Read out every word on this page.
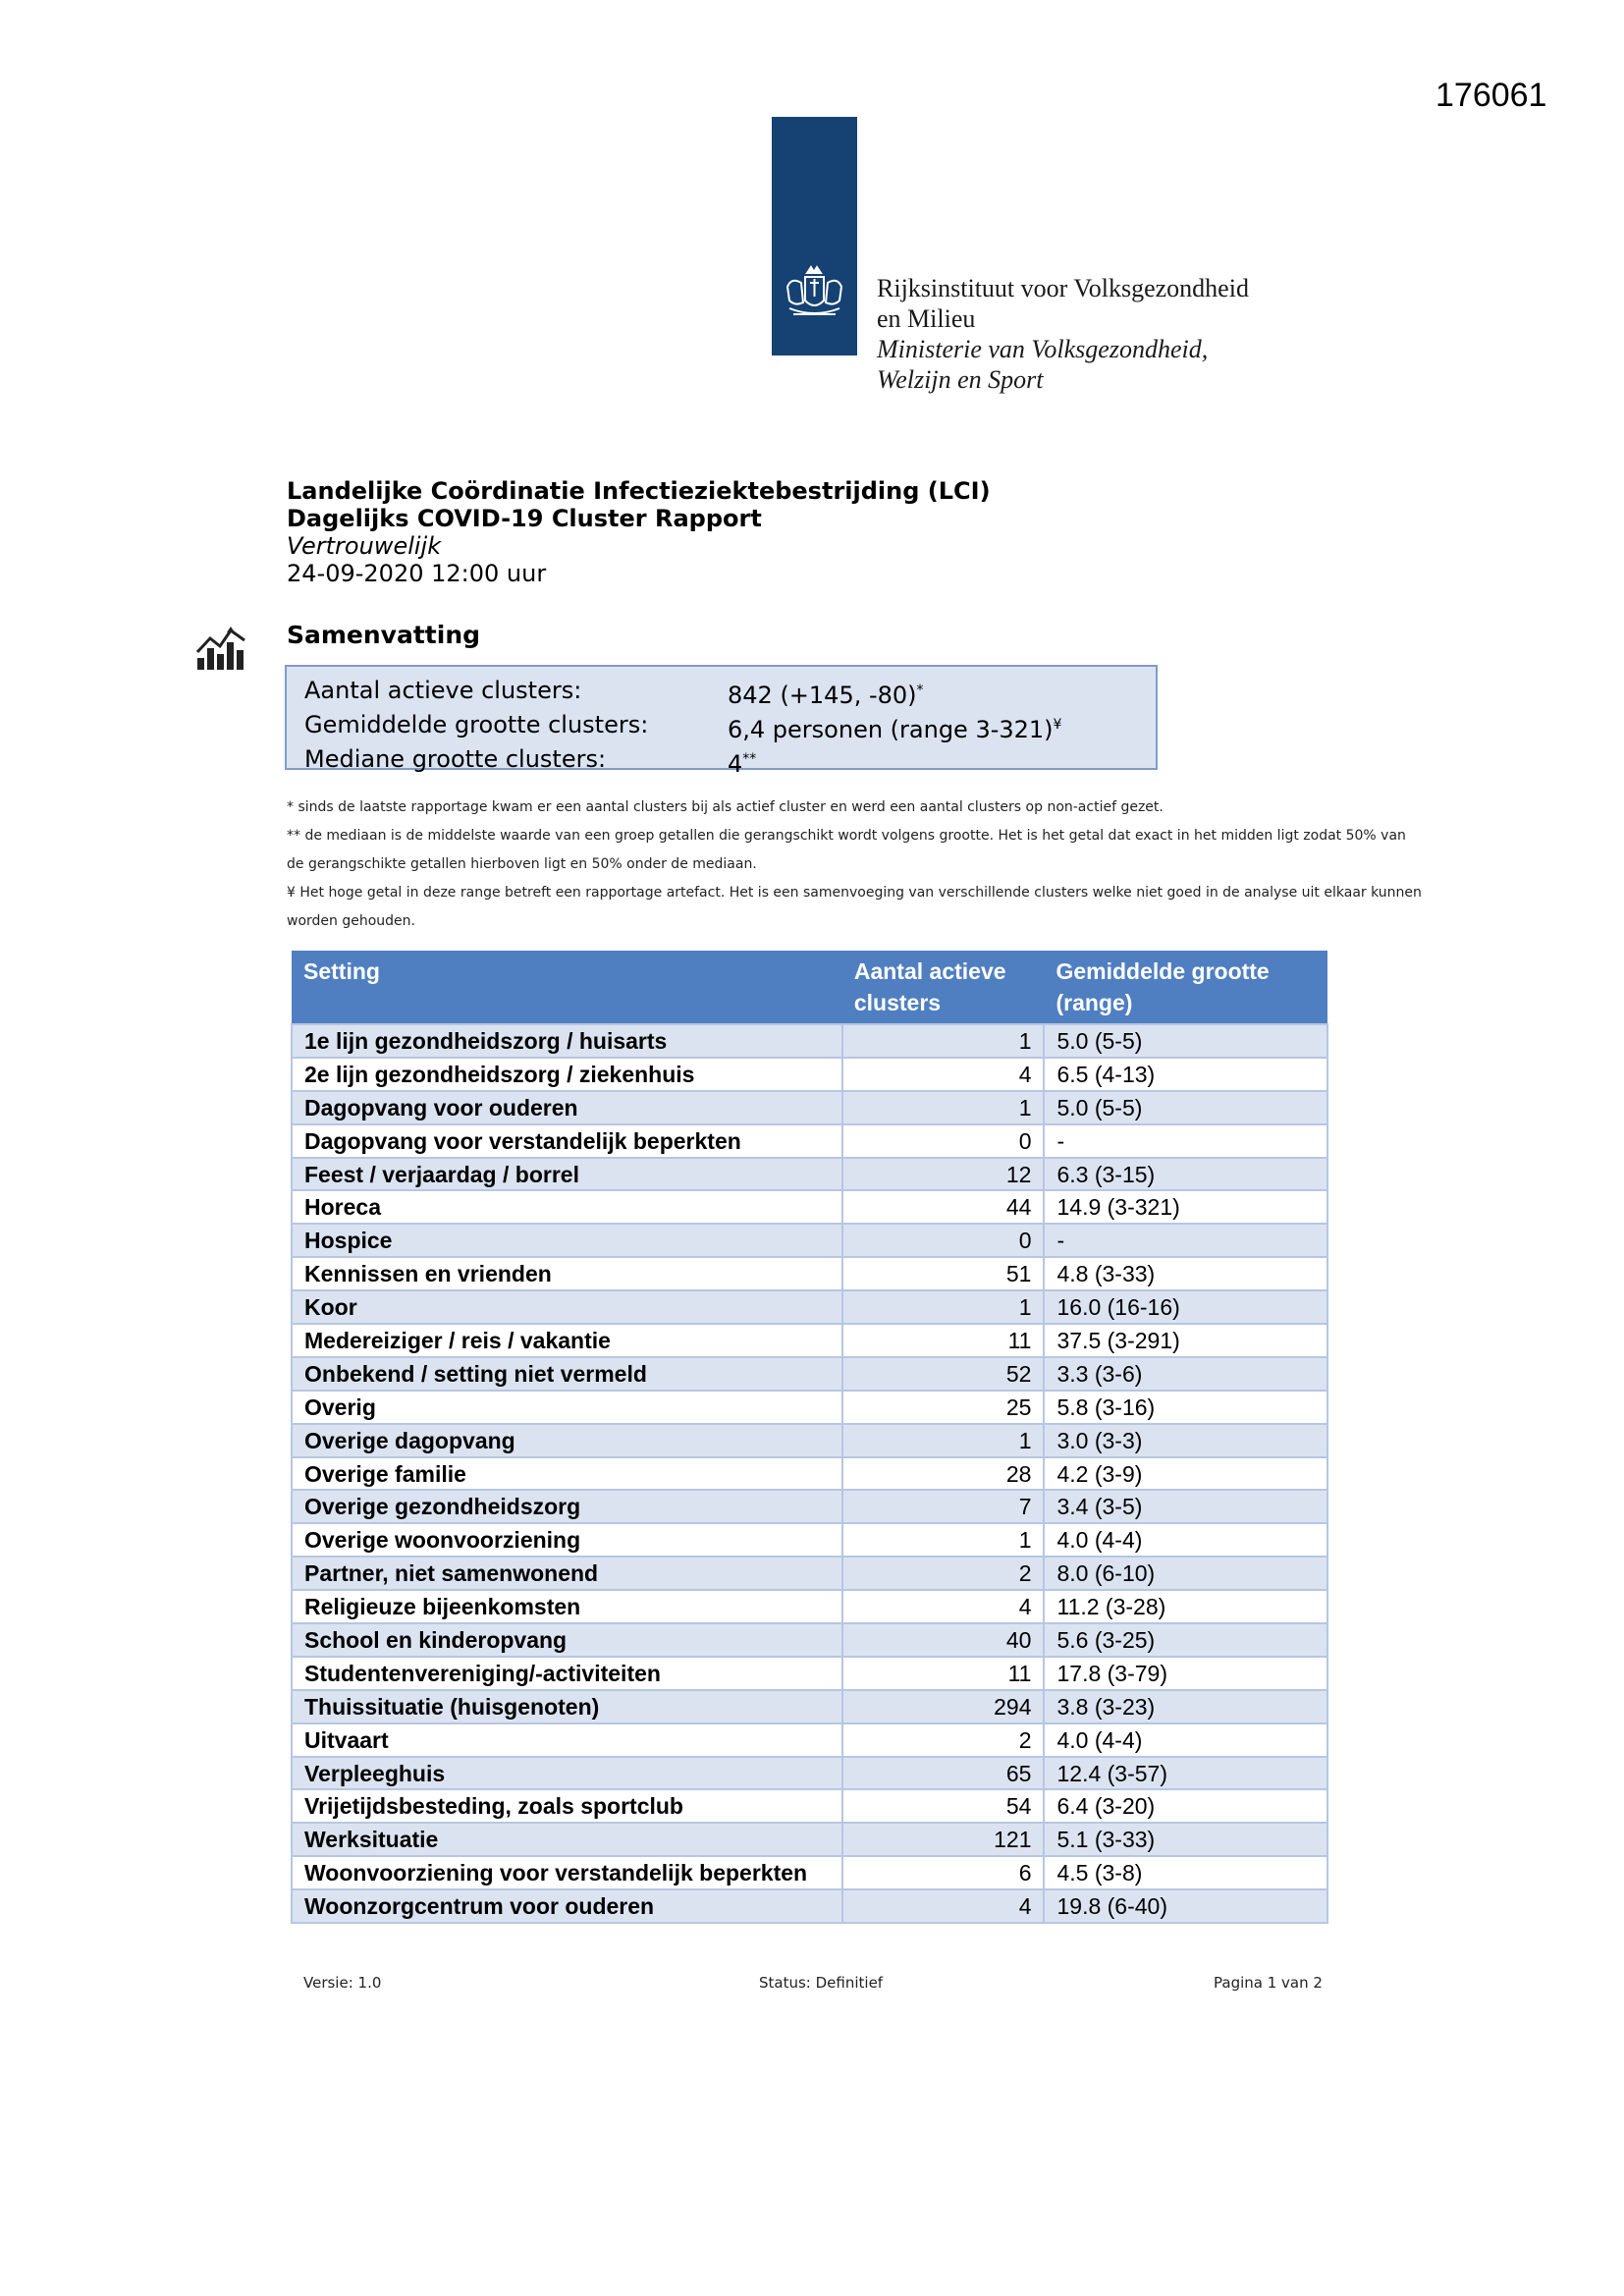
176061
Rijksinstituut voor Volksgezondheid
en Milieu
Ministerie van Volksgezondheid,
Welzijn en Sport
Landelijke Coördinatie Infectieziektebestrijding (LCI)
Dagelijks COVID-19 Cluster Rapport
Vertrouwelijk
24-09-2020 12:00 uur
Samenvatting
Aantal actieve clusters:	842 (+145, -80)*
Gemiddelde grootte clusters:	6,4 personen (range 3-321)¥
Mediane grootte clusters:	4**
* sinds de laatste rapportage kwam er een aantal clusters bij als actief cluster en werd een aantal clusters op non-actief gezet.
** de mediaan is de middelste waarde van een groep getallen die gerangschikt wordt volgens grootte. Het is het getal dat exact in het midden ligt zodat 50% van de gerangschikte getallen hierboven ligt en 50% onder de mediaan.
¥ Het hoge getal in deze range betreft een rapportage artefact. Het is een samenvoeging van verschillende clusters welke niet goed in de analyse uit elkaar kunnen worden gehouden.
Setting	Aantal actieve clusters	Gemiddelde grootte (range)
1e lijn gezondheidszorg / huisarts	1	5.0 (5-5)
2e lijn gezondheidszorg / ziekenhuis	4	6.5 (4-13)
Dagopvang voor ouderen	1	5.0 (5-5)
Dagopvang voor verstandelijk beperkten	0	-
Feest / verjaardag / borrel	12	6.3 (3-15)
Horeca	44	14.9 (3-321)
Hospice	0	-
Kennissen en vrienden	51	4.8 (3-33)
Koor	1	16.0 (16-16)
Medereiziger / reis / vakantie	11	37.5 (3-291)
Onbekend / setting niet vermeld	52	3.3 (3-6)
Overig	25	5.8 (3-16)
Overige dagopvang	1	3.0 (3-3)
Overige familie	28	4.2 (3-9)
Overige gezondheidszorg	7	3.4 (3-5)
Overige woonvoorziening	1	4.0 (4-4)
Partner, niet samenwonend	2	8.0 (6-10)
Religieuze bijeenkomsten	4	11.2 (3-28)
School en kinderopvang	40	5.6 (3-25)
Studentenvereniging/-activiteiten	11	17.8 (3-79)
Thuissituatie (huisgenoten)	294	3.8 (3-23)
Uitvaart	2	4.0 (4-4)
Verpleeghuis	65	12.4 (3-57)
Vrijetijdsbesteding, zoals sportclub	54	6.4 (3-20)
Werksituatie	121	5.1 (3-33)
Woonvoorziening voor verstandelijk beperkten	6	4.5 (3-8)
Woonzorgcentrum voor ouderen	4	19.8 (6-40)
Versie: 1.0	Status: Definitief	Pagina 1 van 2
